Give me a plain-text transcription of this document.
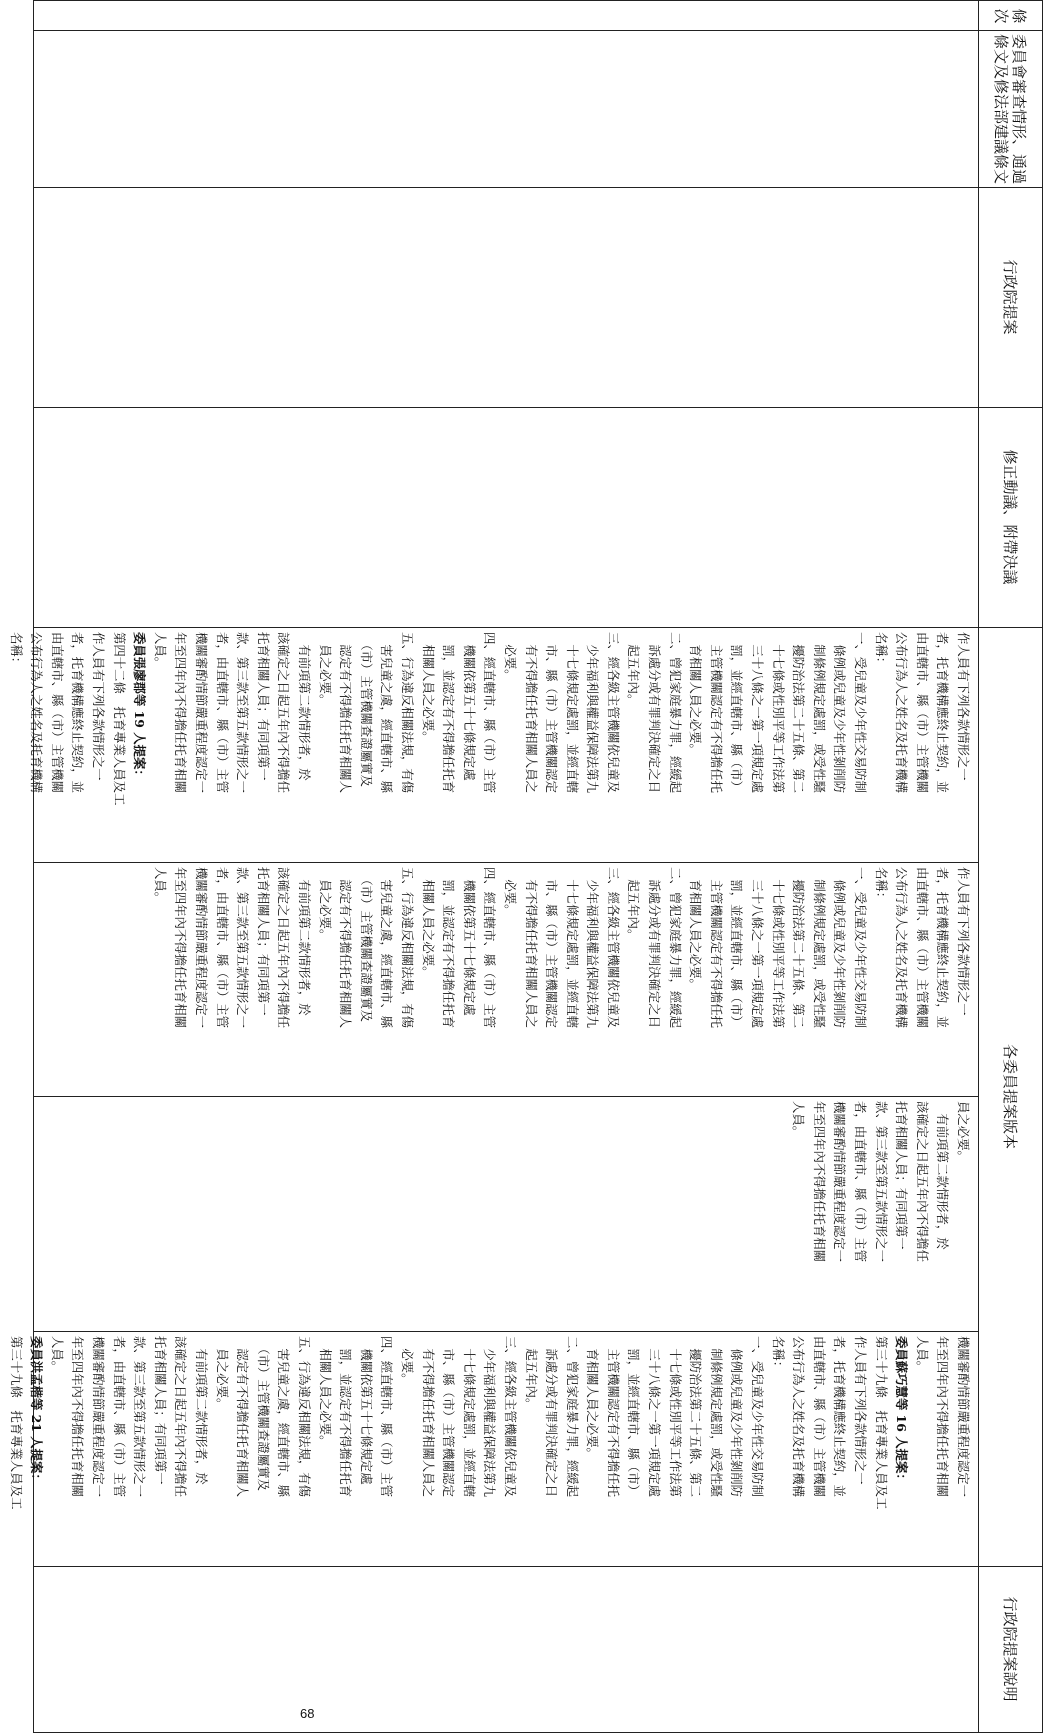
條次
委員會審查情形、通過條文及修法部建議條文
行政院提案
修正動議、附帶決議
各委員提案版本
行政院提案說明
作人員有下列各款情形之一
者，托育機構應終止契約，並
由直轄市、縣（市）主管機關
公布行為人之姓名及托育機構
名稱：
一、受兒童及少年性交易防制
　條例或兒童及少年性剝削防
　制條例規定處罰，或受性騷
　擾防治法第二十五條、第二
　十七條或性別平等工作法第
　三十八條之一第一項規定處
　罰，並經直轄市、縣（市）
　主管機關認定有不得擔任托
　育相關人員之必要。
二、曾犯家庭暴力罪，經緩起
　訴處分或有罪判決確定之日
　起五年內。
三、經各級主管機關依兒童及
　少年福利與權益保障法第九
　十七條規定處罰，並經直轄
　市、縣（市）主管機關認定
　有不得擔任托育相關人員之
　必要。
四、經直轄市、縣（市）主管
　機關依第五十七條規定處
　罰，並認定有不得擔任托育
　相關人員之必要。
五、行為違反相關法規，有傷
　害兒童之虞，經直轄市、縣
　（市）主管機關查證屬實及
　認定有不得擔任托育相關人
　員之必要。
　有前項第二款情形者，於
該確定之日起五年內不得擔任
托育相關人員；有同項第一
款、第三款至第五款情形之一
者，由直轄市、縣（市）主管
機關審酌情節嚴重程度認定一
年至四年內不得擔任托育相關
人員。
委員張廖郡等 19 人提案：
第四十二條　托育專業人員及工
作人員有下列各款情形之一
者，托育機構應終止契約，並
由直轄市、縣（市）主管機關
公布行為人之姓名及托育機構
名稱：
作人員有下列各款情形之一
者，托育機構應終止契約，並
由直轄市、縣（市）主管機關
公布行為人之姓名及托育機構
名稱：
一、受兒童及少年性交易防制
　條例或兒童及少年性剝削防
　制條例規定處罰，或受性騷
　擾防治法第二十五條、第二
　十七條或性別平等工作法第
　三十八條之一第一項規定處
　罰，並經直轄市、縣（市）
　主管機關認定有不得擔任托
　育相關人員之必要。
二、曾犯家庭暴力罪，經緩起
　訴處分或有罪判決確定之日
　起五年內。
三、經各級主管機關依兒童及
　少年福利與權益保障法第九
　十七條規定處罰，並經直轄
　市、縣（市）主管機關認定
　有不得擔任托育相關人員之
　必要。
四、經直轄市、縣（市）主管
　機關依第五十七條規定處
　罰，並認定有不得擔任托育
　相關人員之必要。
五、行為違反相關法規，有傷
　害兒童之虞，經直轄市、縣
　（市）主管機關查證屬實及
　認定有不得擔任托育相關人
　員之必要。
　有前項第二款情形者，於
該確定之日起五年內不得擔任
托育相關人員；有同項第一
款、第三款至第五款情形之一
者，由直轄市、縣（市）主管
機關審酌情節嚴重程度認定一
年至四年內不得擔任托育相關
人員。
員之必要。
　有前項第二款情形者，於
該確定之日起五年內不得擔任
托育相關人員；有同項第一
款、第三款至第五款情形之一
者，由直轄市、縣（市）主管
機關審酌情節嚴重程度認定一
年至四年內不得擔任托育相關
人員。
機關審酌情節嚴重程度認定一
年至四年內不得擔任托育相關
人員。
委員蘇巧慧等 16 人提案：
第三十九條　托育專業人員及工
作人員有下列各款情形之一
者，托育機構應終止契約，並
由直轄市、縣（市）主管機關
公布行為人之姓名及托育機構
名稱：
一、受兒童及少年性交易防制
　條例或兒童及少年性剝削防
　制條例規定處罰，或受性騷
　擾防治法第二十五條、第二
　十七條或性別平等工作法第
　三十八條之一第一項規定處
　罰，並經直轄市、縣（市）
　主管機關認定有不得擔任托
　育相關人員之必要。
二、曾犯家庭暴力罪，經緩起
　訴處分或有罪判決確定之日
　起五年內。
三、經各級主管機關依兒童及
　少年福利與權益保障法第九
　十七條規定處罰，並經直轄
　市、縣（市）主管機關認定
　有不得擔任托育相關人員之
　必要。
四、經直轄市、縣（市）主管
　機關依第五十七條規定處
　罰，並認定有不得擔任托育
　相關人員之必要。
五、行為違反相關法規，有傷
　害兒童之虞，經直轄市、縣
　（市）主管機關查證屬實及
　認定有不得擔任托育相關人
　員之必要。
　有前項第二款情形者，於
該確定之日起五年內不得擔任
托育相關人員；有同項第一
款、第三款至第五款情形之一
者，由直轄市、縣（市）主管
機關審酌情節嚴重程度認定一
年至四年內不得擔任托育相關
人員。
委員洪孟楷等 21 人提案：
第三十九條　托育專業人員及工
68
